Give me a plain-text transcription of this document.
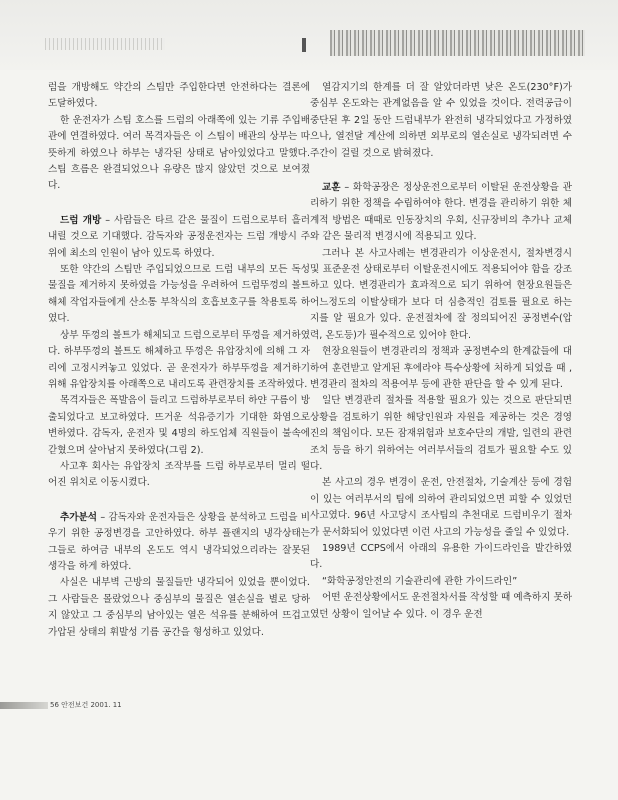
럼을 개방해도 약간의 스팀만 주입한다면 안전하다는 결론에 도달하였다.

한 운전자가 스팀 호스를 드럼의 아래쪽에 있는 기류 주입배관에 연결하였다. 여러 목격자들은 이 스팀이 배관의 상부는 따뜻하게 하였으나 하부는 냉각된 상태로 남아있었다고 말했다. 스팀 흐름은 완결되었으나 유량은 많지 않았던 것으로 보여졌다.

드럼 개방 – 사람들은 타르 같은 물질이 드럼으로부터 흘러내릴 것으로 기대했다. 감독자와 공정운전자는 드럼 개방시 주위에 최소의 인원이 남아 있도록 하였다.

또한 약간의 스팀만 주입되었으므로 드럼 내부의 모든 독성물질을 제거하지 못하였을 가능성을 우려하여 드럼뚜껑의 볼트해체 작업자들에게 산소통 부착식의 호흡보호구를 착용토록 하였다.

상부 뚜껑의 볼트가 해체되고 드럼으로부터 뚜껑을 제거하였다. 하부뚜껑의 볼트도 해체하고 뚜껑은 유압장치에 의해 그 자리에 고정시켜놓고 있었다. 곧 운전자가 하부뚜껑을 제거하기 위해 유압장치를 아래쪽으로 내리도록 관련장치를 조작하였다.

목격자들은 폭발음이 들리고 드럼하부로부터 하얀 구름이 방출되었다고 보고하였다. 뜨거운 석유증기가 기대한 화염으로 변하였다. 감독자, 운전자 및 4명의 하도업체 직원들이 불속에 갇혔으며 살아남지 못하였다(그림 2).

사고후 회사는 유압장치 조작부를 드럼 하부로부터 멀리 떨어진 위치로 이동시켰다.

추가분석 – 감독자와 운전자들은 상황을 분석하고 드럼을 비우기 위한 공정변경을 고안하였다. 하부 플랜지의 냉각상태는 그들로 하여금 내부의 온도도 역시 냉각되었으리라는 잘못된 생각을 하게 하였다.

사실은 내부벽 근방의 물질들만 냉각되어 있었을 뿐이었다. 그 사람들은 몰랐었으나 중심부의 물질은 열손실을 별로 당하지 않았고 그 중심부의 남아있는 열은 석유를 분해하여 뜨겁고 가압된 상태의 휘발성 기름 공간을 형성하고 있었다.

열감지기의 한계를 더 잘 알았더라면 낮은 온도(230°F)가 중심부 온도와는 관계없음을 알 수 있었을 것이다. 전력공급이 중단된 후 2일 동안 드럼내부가 완전히 냉각되었다고 가정하였으나, 열전달 계산에 의하면 외부로의 열손실로 냉각되려면 수주간이 걸릴 것으로 밝혀졌다.

교훈 – 화학공장은 정상운전으로부터 이탈된 운전상황을 관리하기 위한 정책을 수립하여야 한다. 변경을 관리하기 위한 체계적 방법은 때때로 인동장치의 우회, 신규장비의 추가나 교체와 같은 물리적 변경시에 적용되고 있다.

그러나 본 사고사례는 변경관리가 이상운전시, 절차변경시 및 표준운전 상태로부터 이탈운전시에도 적용되어야 함을 강조하고 있다. 변경관리가 효과적으로 되기 위하여 현장요원들은 어느정도의 이탈상태가 보다 더 심층적인 검토를 필요로 하는지를 알 필요가 있다. 운전절차에 잘 정의되어진 공정변수(압력, 온도등)가 필수적으로 있어야 한다.

현장요원들이 변경관리의 정책과 공정변수의 한계값들에 대하여 훈련받고 알게된 후에라야 특수상황에 처하게 되었을 때 ,변경관리 절차의 적용여부 등에 관한 판단을 할 수 있게 된다.

일단 변경관리 절차를 적용할 필요가 있는 것으로 판단되면 상황을 검토하기 위한 해당인원과 자원을 제공하는 것은 경영진의 책임이다. 모든 잠재위험과 보호수단의 개발, 일련의 관련조치 등을 하기 위하여는 여러부서들의 검토가 필요할 수도 있다.

본 사고의 경우 변경이 운전, 안전절차, 기술계산 등에 경험이 있는 여러부서의 팀에 의하여 관리되었으면 피할 수 있었던 사고였다. 96년 사고당시 조사팀의 추천대로 드럼비우기 절차가 문서화되어 있었다면 이런 사고의 가능성을 줄일 수 있었다.

1989년 CCPS에서 아래의 유용한 가이드라인을 발간하였다.

“화학공정안전의 기술관리에 관한 가이드라인”

어떤 운전상황에서도 운전절차서를 작성할 때 예측하지 못하였던 상황이 일어날 수 있다. 이 경우 운전

56 안전보건 2001. 11
